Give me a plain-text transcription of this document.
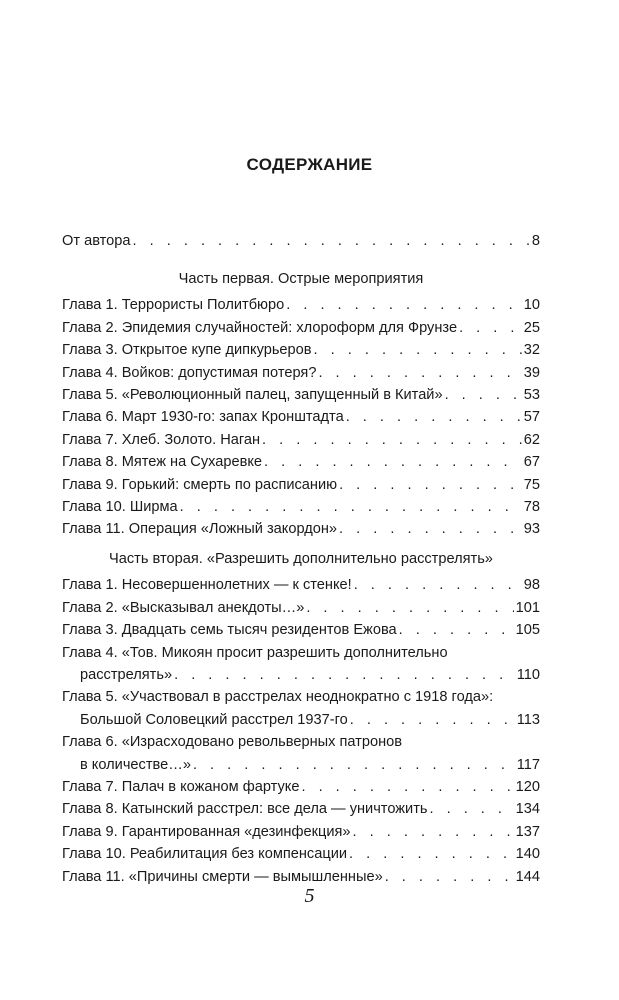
СОДЕРЖАНИЕ
От автора . . .	8
Часть первая. Острые мероприятия
Глава 1. Террористы Политбюро . . .	10
Глава 2. Эпидемия случайностей: хлороформ для Фрунзе . . .	25
Глава 3. Открытое купе дипкурьеров . . .	32
Глава 4. Войков: допустимая потеря? . . .	39
Глава 5. «Революционный палец, запущенный в Китай» . . .	53
Глава 6. Март 1930-го: запах Кронштадта . . .	57
Глава 7. Хлеб. Золото. Наган . . .	62
Глава 8. Мятеж на Сухаревке . . .	67
Глава 9. Горький: смерть по расписанию . . .	75
Глава 10. Ширма . . .	78
Глава 11. Операция «Ложный закордон» . . .	93
Часть вторая. «Разрешить дополнительно расстрелять»
Глава 1. Несовершеннолетних — к стенке! . . .	98
Глава 2. «Высказывал анекдоты…» . . .	101
Глава 3. Двадцать семь тысяч резидентов Ежова . . .	105
Глава 4. «Тов. Микоян просит разрешить дополнительно
расстрелять» . . .	110
Глава 5. «Участвовал в расстрелах неоднократно с 1918 года»:
Большой Соловецкий расстрел 1937-го . . .	113
Глава 6. «Израсходовано револьверных патронов
в количестве…» . . .	117
Глава 7. Палач в кожаном фартуке . . .	120
Глава 8. Катынский расстрел: все дела — уничтожить . . .	134
Глава 9. Гарантированная «дезинфекция» . . .	137
Глава 10. Реабилитация без компенсации . . .	140
Глава 11. «Причины смерти — вымышленные» . . .	144
5
